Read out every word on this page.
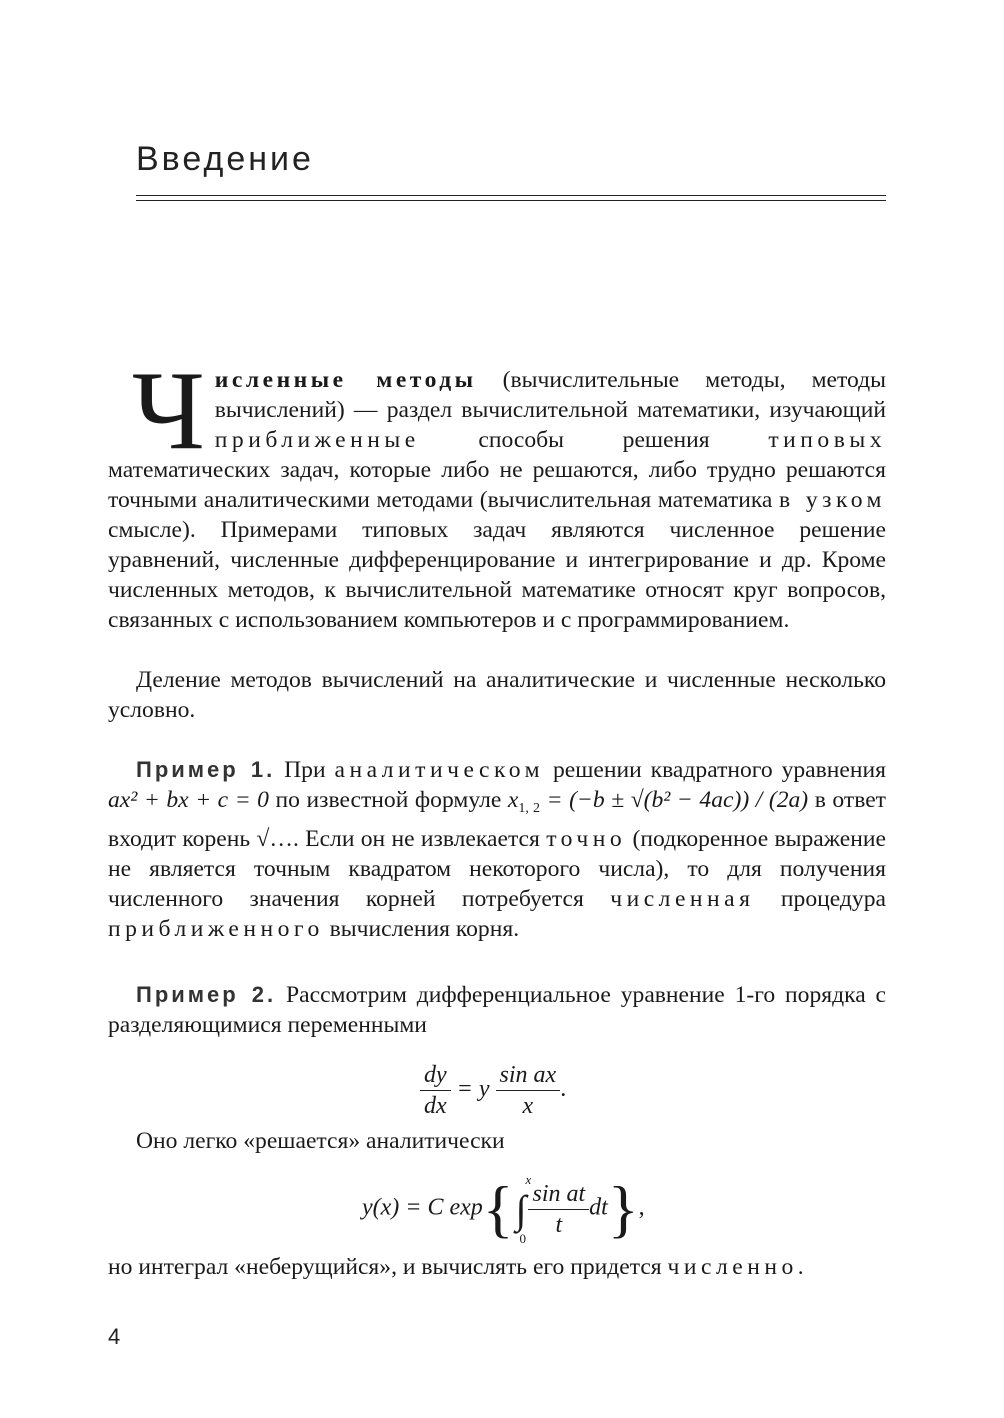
Введение
Ч исленные методы (вычислительные методы, методы вычислений) — раздел вычислительной математики, изучающий приближенные способы решения типовых математических задач, которые либо не решаются, либо трудно решаются точными аналитическими методами (вычислительная математика в узком смысле). Примерами типовых задач являются численное решение уравнений, численные дифференцирование и интегрирование и др. Кроме численных методов, к вычислительной математике относят круг вопросов, связанных с использованием компьютеров и с программированием.

Деление методов вычислений на аналитические и численные несколько условно.

Пример 1. При аналитическом решении квадратного уравнения ax² + bx + c = 0 по известной формуле $x_{1, 2} = (-b \pm √(b^2 - 4ac)) / (2a)$ в ответ входит корень √…. Если он не извлекается точно (подкоренное выражение не является точным квадратом некоторого числа), то для получения численного значения корней потребуется численная процедура приближенного вычисления корня.

Пример 2. Рассмотрим дифференциальное уравнение 1-го порядка с разделяющимися переменными

$\frac{dy}{dx} = y \frac{\text{sin ax}}{x}$ .

Оно легко «решается» аналитически

y(x) = C exp{∫
x
$0 \frac{\text{sin at}}{t} dt$},

но интеграл «неберущийся», и вычислять его придется численно.

4
